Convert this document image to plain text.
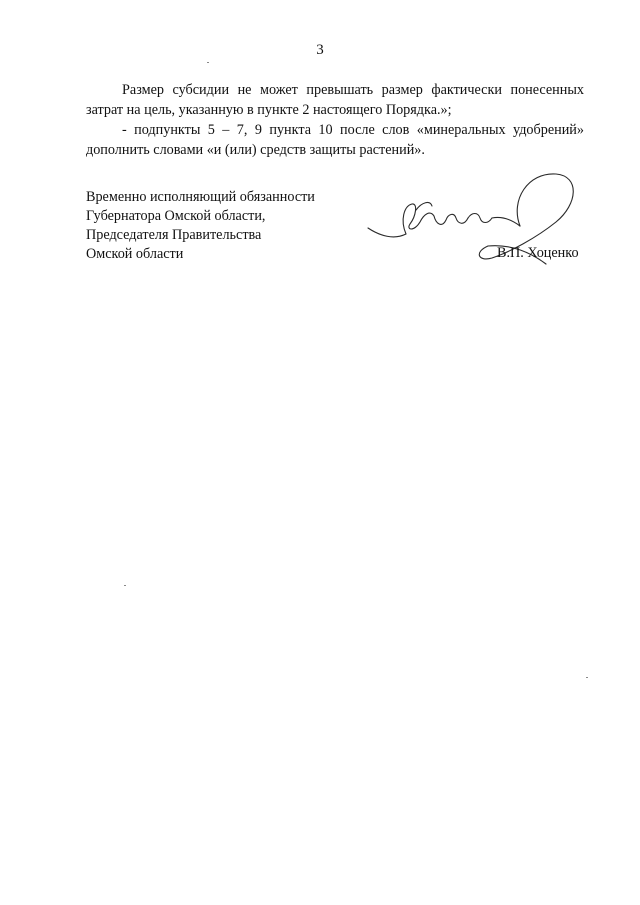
3

Размер субсидии не может превышать размер фактически понесенных затрат на цель, указанную в пункте 2 настоящего Порядка.»;

- подпункты 5 – 7, 9 пункта 10 после слов «минеральных удобрений» дополнить словами «и (или) средств защиты растений».

Временно исполняющий обязанности
Губернатора Омской области,
Председателя Правительства
Омской области	В.П. Хоценко
